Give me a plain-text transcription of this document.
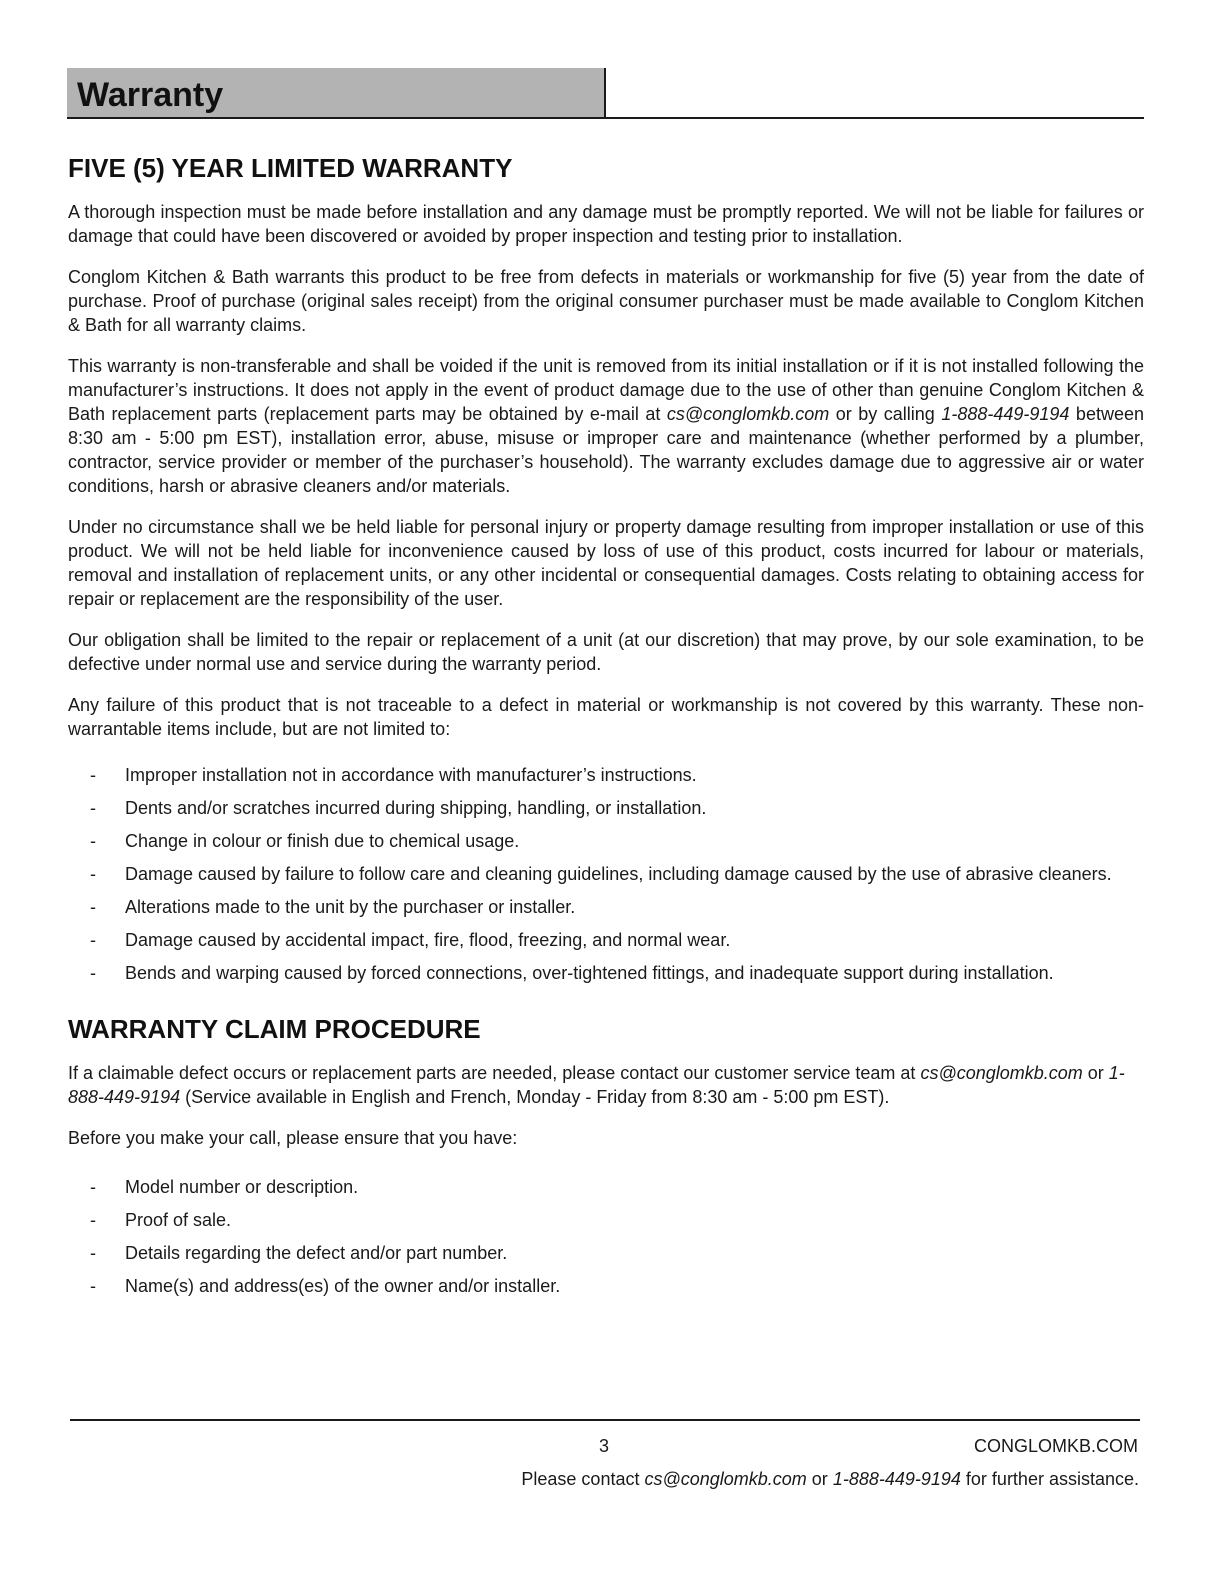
Warranty
FIVE (5) YEAR LIMITED WARRANTY

A thorough inspection must be made before installation and any damage must be promptly reported. We will not be liable for failures or damage that could have been discovered or avoided by proper inspection and testing prior to installation.

Conglom Kitchen & Bath warrants this product to be free from defects in materials or workmanship for five (5) year from the date of purchase. Proof of purchase (original sales receipt) from the original consumer purchaser must be made available to Conglom Kitchen & Bath for all warranty claims.

This warranty is non-transferable and shall be voided if the unit is removed from its initial installation or if it is not installed following the manufacturer’s instructions. It does not apply in the event of product damage due to the use of other than genuine Conglom Kitchen & Bath replacement parts (replacement parts may be obtained by e-mail at cs@conglomkb.com or by calling 1-888-449-9194 between 8:30 am - 5:00 pm EST), installation error, abuse, misuse or improper care and maintenance (whether performed by a plumber, contractor, service provider or member of the purchaser’s household). The warranty excludes damage due to aggressive air or water conditions, harsh or abrasive cleaners and/or materials.

Under no circumstance shall we be held liable for personal injury or property damage resulting from improper installation or use of this product. We will not be held liable for inconvenience caused by loss of use of this product, costs incurred for labour or materials, removal and installation of replacement units, or any other incidental or consequential damages. Costs relating to obtaining access for repair or replacement are the responsibility of the user.

Our obligation shall be limited to the repair or replacement of a unit (at our discretion) that may prove, by our sole examination, to be defective under normal use and service during the warranty period.

Any failure of this product that is not traceable to a defect in material or workmanship is not covered by this warranty. These non-warrantable items include, but are not limited to:

- Improper installation not in accordance with manufacturer’s instructions.
- Dents and/or scratches incurred during shipping, handling, or installation.
- Change in colour or finish due to chemical usage.
- Damage caused by failure to follow care and cleaning guidelines, including damage caused by the use of abrasive cleaners.
- Alterations made to the unit by the purchaser or installer.
- Damage caused by accidental impact, fire, flood, freezing, and normal wear.
- Bends and warping caused by forced connections, over-tightened fittings, and inadequate support during installation.
WARRANTY CLAIM PROCEDURE

If a claimable defect occurs or replacement parts are needed, please contact our customer service team at cs@conglomkb.com or 1-888-449-9194 (Service available in English and French, Monday - Friday from 8:30 am - 5:00 pm EST).

Before you make your call, please ensure that you have:

- Model number or description.
- Proof of sale.
- Details regarding the defect and/or part number.
- Name(s) and address(es) of the owner and/or installer.
3	CONGLOMKB.COM
Please contact cs@conglomkb.com or 1-888-449-9194 for further assistance.
